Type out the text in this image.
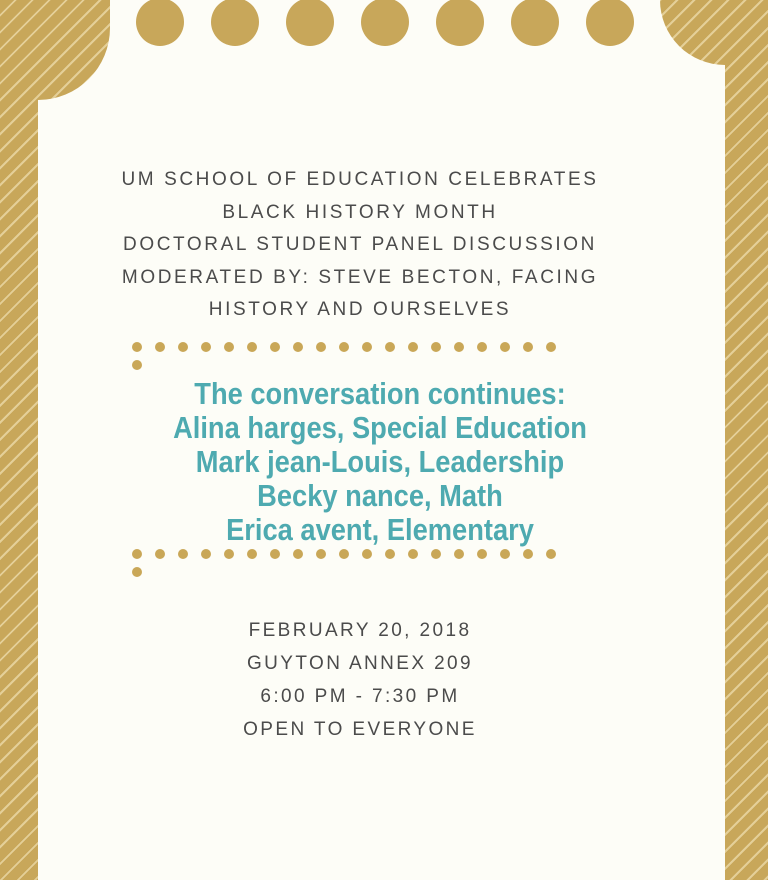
UM SCHOOL OF EDUCATION CELEBRATES
BLACK HISTORY MONTH
DOCTORAL STUDENT PANEL DISCUSSION
MODERATED BY: STEVE BECTON, FACING
HISTORY AND OURSELVES
The conversation continues:
Alina harges, Special Education
Mark jean-Louis, Leadership
Becky nance, Math
Erica avent, Elementary
FEBRUARY 20, 2018
GUYTON ANNEX 209
6:00 PM - 7:30 PM
OPEN TO EVERYONE
